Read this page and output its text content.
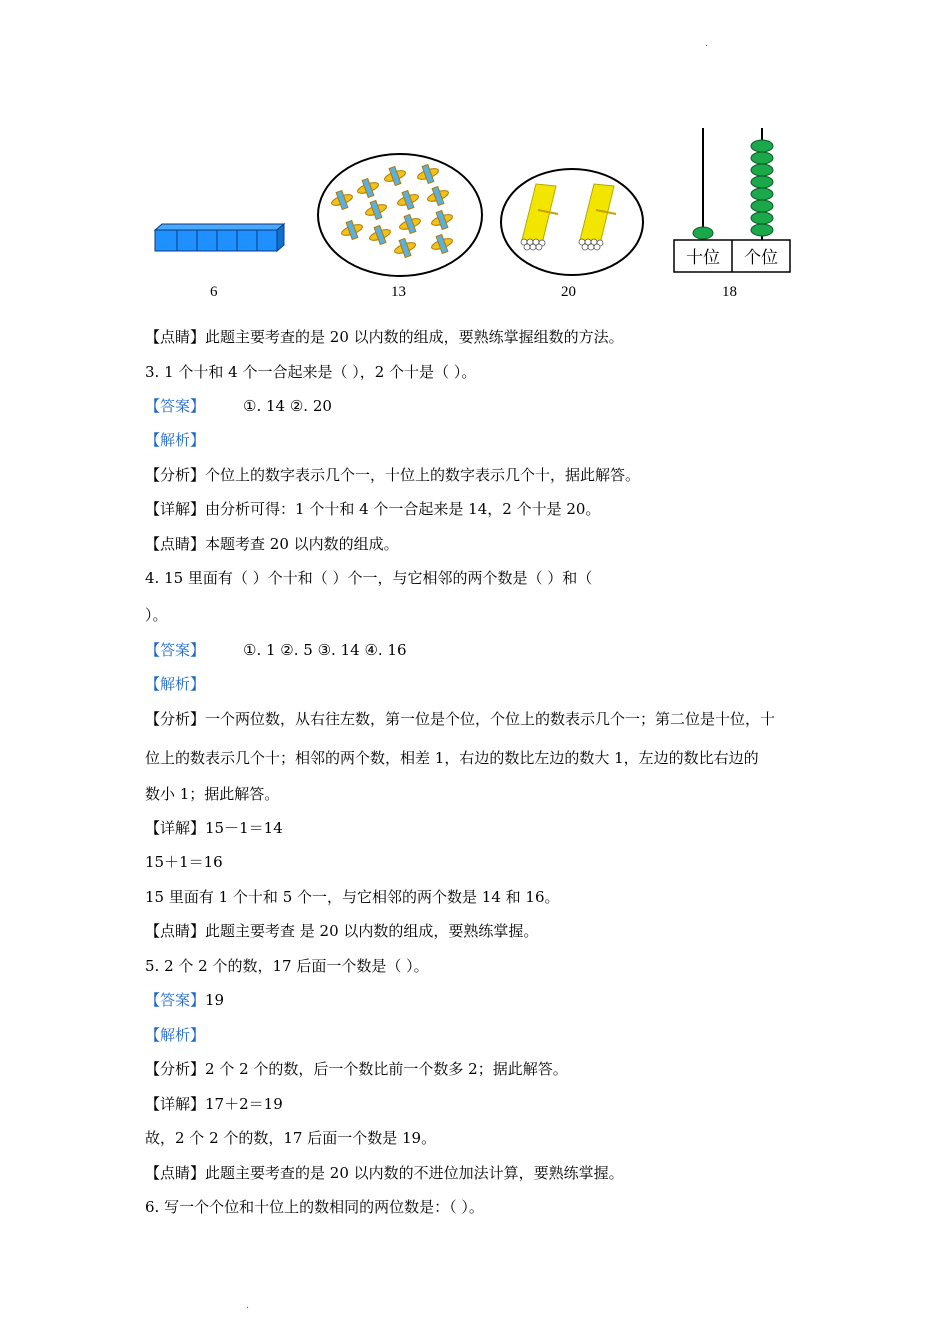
.
十位 个位
6	13	20	18
【点睛】此题主要考查的是 20 以内数的组成，要熟练掌握组数的方法。
3. 1 个十和 4 个一合起来是（ ），2 个十是（ ）。
【答案】	①. 14 ②. 20
【解析】
【分析】个位上的数字表示几个一，十位上的数字表示几个十，据此解答。
【详解】由分析可得：1 个十和 4 个一合起来是 14，2 个十是 20。
【点睛】本题考查 20 以内数的组成。
4. 15 里面有（ ）个十和（ ）个一，与它相邻的两个数是（ ）和（
）。
【答案】	①. 1 ②. 5 ③. 14 ④. 16
【解析】
【分析】一个两位数，从右往左数，第一位是个位，个位上的数表示几个一；第二位是十位，十
位上的数表示几个十；相邻的两个数，相差 1，右边的数比左边的数大 1，左边的数比右边的
数小 1；据此解答。
【详解】15－1＝14
15＋1＝16
15 里面有 1 个十和 5 个一，与它相邻的两个数是 14 和 16。
【点睛】此题主要考查 是 20 以内数的组成，要熟练掌握。
5. 2 个 2 个的数，17 后面一个数是（ ）。
【答案】19
【解析】
【分析】2 个 2 个的数，后一个数比前一个数多 2；据此解答。
【详解】17＋2＝19
故，2 个 2 个的数，17 后面一个数是 19。
【点睛】此题主要考查的是 20 以内数的不进位加法计算，要熟练掌握。
6. 写一个个位和十位上的数相同的两位数是：（ ）。
.
